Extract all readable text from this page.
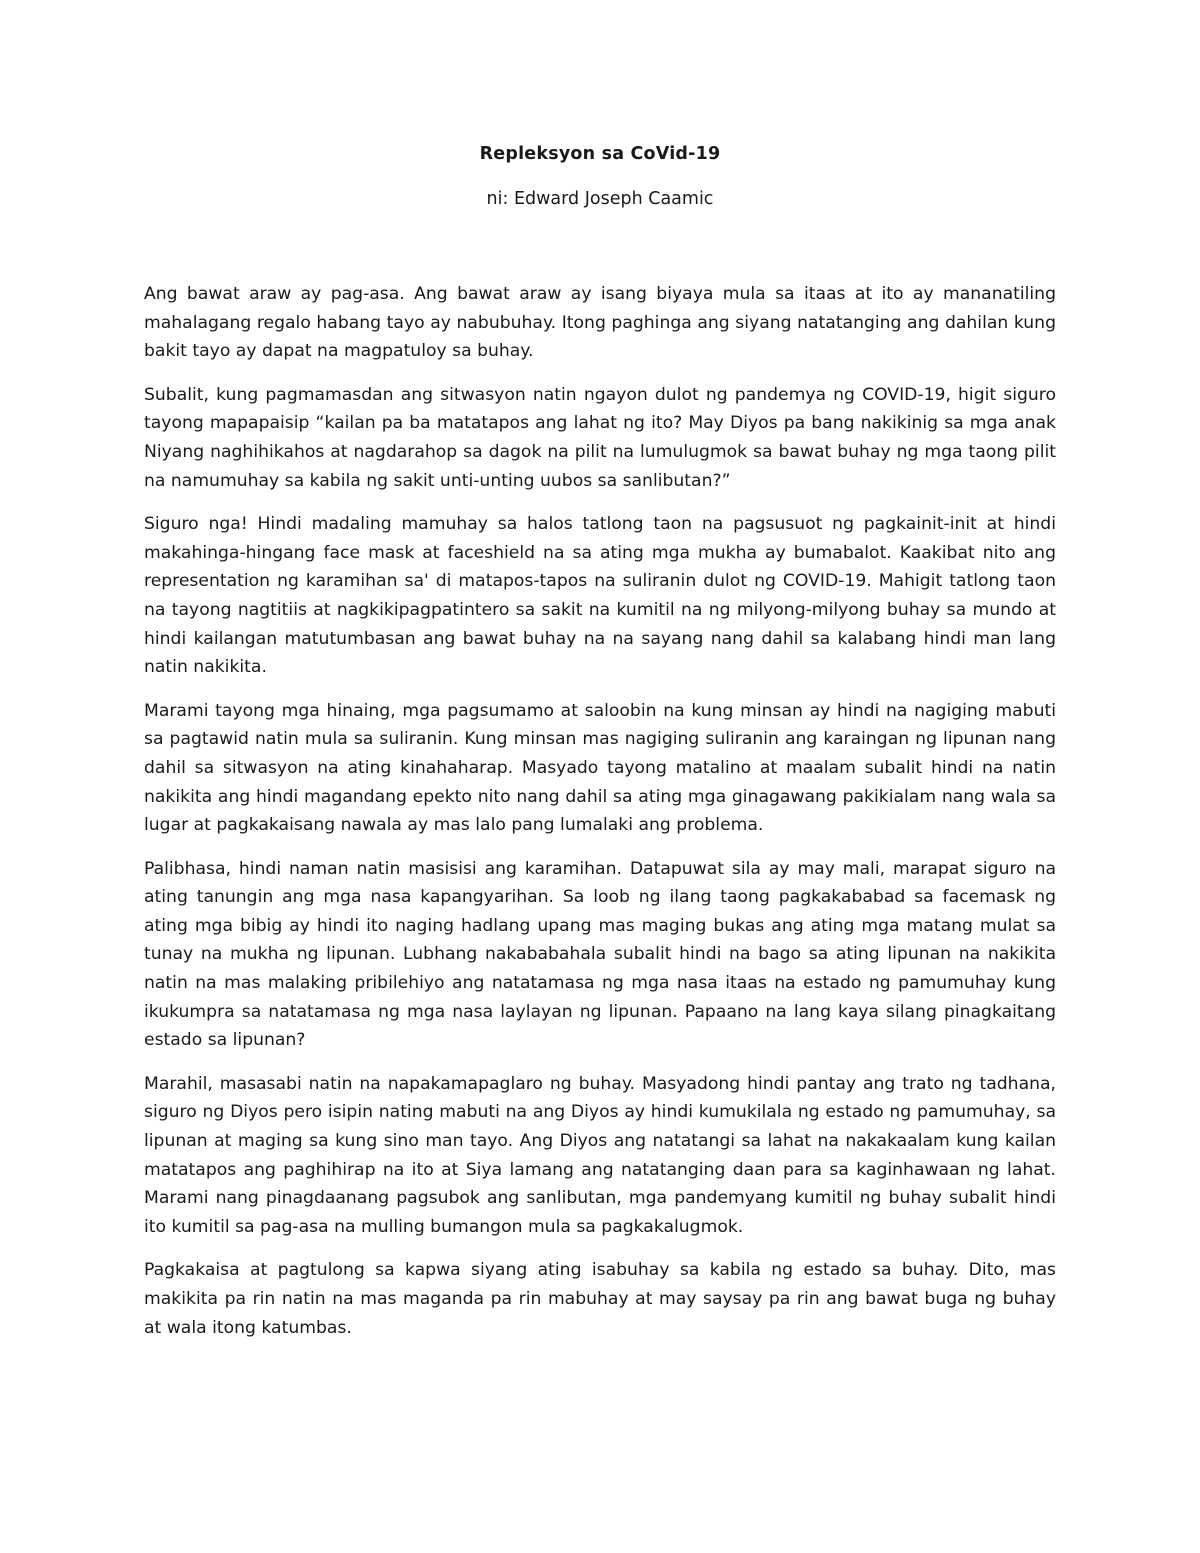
Repleksyon sa CoVid-19

ni: Edward Joseph Caamic

Ang bawat araw ay pag-asa. Ang bawat araw ay isang biyaya mula sa itaas at ito ay mananatiling mahalagang regalo habang tayo ay nabubuhay. Itong paghinga ang siyang natatanging ang dahilan kung bakit tayo ay dapat na magpatuloy sa buhay.

Subalit, kung pagmamasdan ang sitwasyon natin ngayon dulot ng pandemya ng COVID-19, higit siguro tayong mapapaisip “kailan pa ba matatapos ang lahat ng ito? May Diyos pa bang nakikinig sa mga anak Niyang naghihikahos at nagdarahop sa dagok na pilit na lumulugmok sa bawat buhay ng mga taong pilit na namumuhay sa kabila ng sakit unti-unting uubos sa sanlibutan?”

Siguro nga! Hindi madaling mamuhay sa halos tatlong taon na pagsusuot ng pagkainit-init at hindi makahinga-hingang face mask at faceshield na sa ating mga mukha ay bumabalot. Kaakibat nito ang representation ng karamihan sa' di matapos-tapos na suliranin dulot ng COVID-19. Mahigit tatlong taon na tayong nagtitiis at nagkikipagpatintero sa sakit na kumitil na ng milyong-milyong buhay sa mundo at hindi kailangan matutumbasan ang bawat buhay na na sayang nang dahil sa kalabang hindi man lang natin nakikita.

Marami tayong mga hinaing, mga pagsumamo at saloobin na kung minsan ay hindi na nagiging mabuti sa pagtawid natin mula sa suliranin. Kung minsan mas nagiging suliranin ang karaingan ng lipunan nang dahil sa sitwasyon na ating kinahaharap. Masyado tayong matalino at maalam subalit hindi na natin nakikita ang hindi magandang epekto nito nang dahil sa ating mga ginagawang pakikialam nang wala sa lugar at pagkakaisang nawala ay mas lalo pang lumalaki ang problema.

Palibhasa, hindi naman natin masisisi ang karamihan. Datapuwat sila ay may mali, marapat siguro na ating tanungin ang mga nasa kapangyarihan. Sa loob ng ilang taong pagkakababad sa facemask ng ating mga bibig ay hindi ito naging hadlang upang mas maging bukas ang ating mga matang mulat sa tunay na mukha ng lipunan. Lubhang nakababahala subalit hindi na bago sa ating lipunan na nakikita natin na mas malaking pribilehiyo ang natatamasa ng mga nasa itaas na estado ng pamumuhay kung ikukumpra sa natatamasa ng mga nasa laylayan ng lipunan. Papaano na lang kaya silang pinagkaitang estado sa lipunan?

Marahil, masasabi natin na napakamapaglaro ng buhay. Masyadong hindi pantay ang trato ng tadhana, siguro ng Diyos pero isipin nating mabuti na ang Diyos ay hindi kumukilala ng estado ng pamumuhay, sa lipunan at maging sa kung sino man tayo. Ang Diyos ang natatangi sa lahat na nakakaalam kung kailan matatapos ang paghihirap na ito at Siya lamang ang natatanging daan para sa kaginhawaan ng lahat. Marami nang pinagdaanang pagsubok ang sanlibutan, mga pandemyang kumitil ng buhay subalit hindi ito kumitil sa pag-asa na mulling bumangon mula sa pagkakalugmok.

Pagkakaisa at pagtulong sa kapwa siyang ating isabuhay sa kabila ng estado sa buhay. Dito, mas makikita pa rin natin na mas maganda pa rin mabuhay at may saysay pa rin ang bawat buga ng buhay at wala itong katumbas.
